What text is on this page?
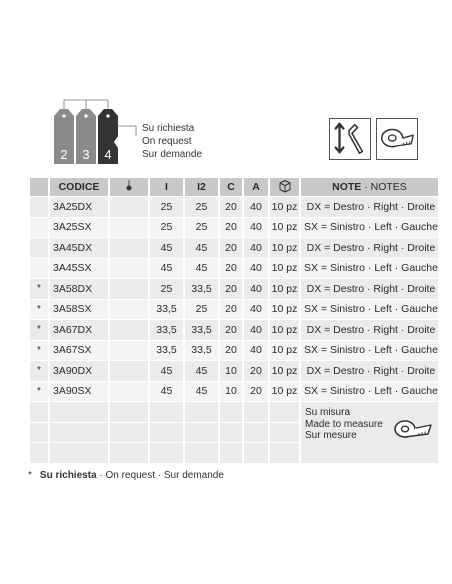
2 3 4
Su richiesta
On request
Sur demande
	CODICE		I	I2	C	A		NOTE · NOTES
	3A25DX		25	25	20	40	10 pz	DX = Destro · Right · Droite
	3A25SX		25	25	20	40	10 pz	SX = Sinistro · Left · Gauche
	3A45DX		45	45	20	40	10 pz	DX = Destro · Right · Droite
	3A45SX		45	45	20	40	10 pz	SX = Sinistro · Left · Gauche
*	3A58DX		25	33,5	20	40	10 pz	DX = Destro · Right · Droite
*	3A58SX		33,5	25	20	40	10 pz	SX = Sinistro · Left · Gauche
*	3A67DX		33,5	33,5	20	40	10 pz	DX = Destro · Right · Droite
*	3A67SX		33,5	33,5	20	40	10 pz	SX = Sinistro · Left · Gauche
*	3A90DX		45	45	10	20	10 pz	DX = Destro · Right · Droite
*	3A90SX		45	45	10	20	10 pz	SX = Sinistro · Left · Gauche

								Su misura
Made to measure
Sur mesure

* Su richiesta · On request · Sur demande
